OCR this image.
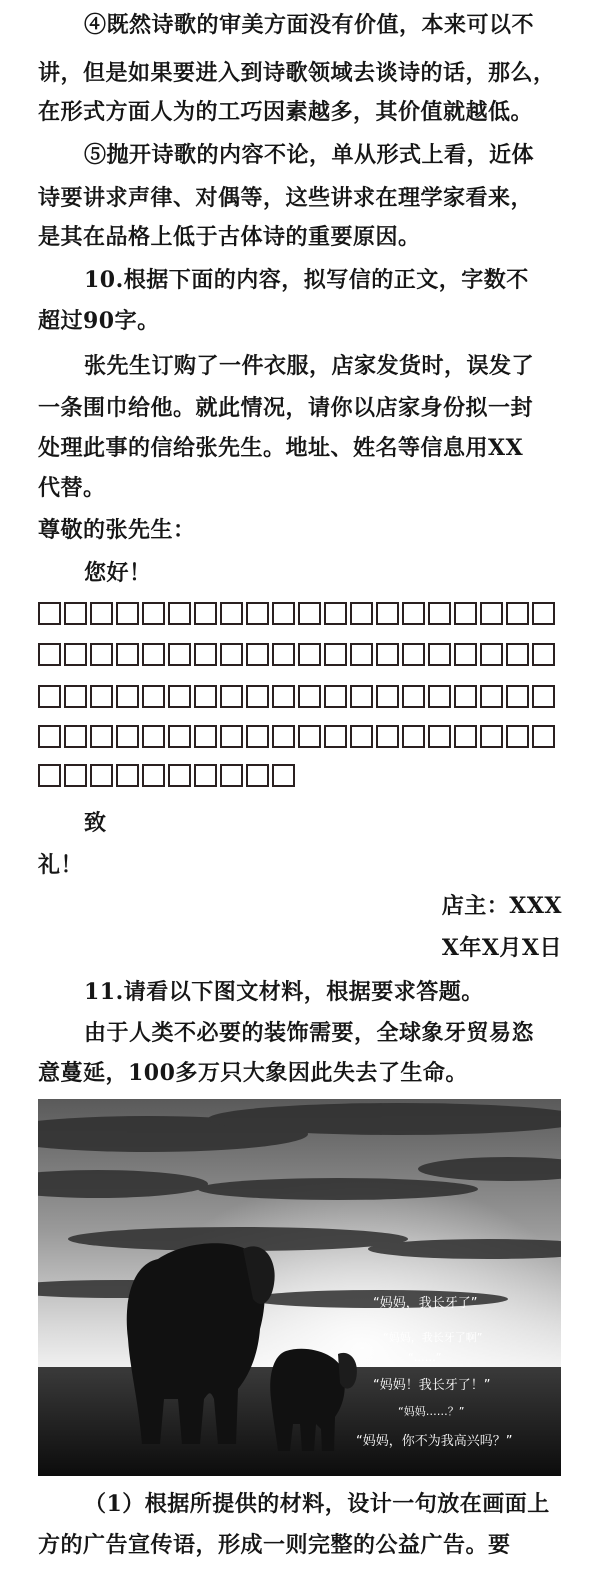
④既然诗歌的审美方面没有价值，本来可以不
讲，但是如果要进入到诗歌领域去谈诗的话，那么，
在形式方面人为的工巧因素越多，其价值就越低。
⑤抛开诗歌的内容不论，单从形式上看，近体
诗要讲求声律、对偶等，这些讲求在理学家看来，
是其在品格上低于古体诗的重要原因。
10.根据下面的内容，拟写信的正文，字数不
超过90字。
张先生订购了一件衣服，店家发货时，误发了
一条围巾给他。就此情况，请你以店家身份拟一封
处理此事的信给张先生。地址、姓名等信息用XX
代替。
尊敬的张先生：
您好！
致
礼！
店主：XXX
X年X月X日
11.请看以下图文材料，根据要求答题。
由于人类不必要的装饰需要，全球象牙贸易恣
意蔓延，100多万只大象因此失去了生命。
“妈妈，我长牙了”
“妈妈，我长牙了啊”
“……”
“妈妈！我长牙了！”
“妈妈……？”
“妈妈，你不为我高兴吗？”
（1）根据所提供的材料，设计一句放在画面上
方的广告宣传语，形成一则完整的公益广告。要
